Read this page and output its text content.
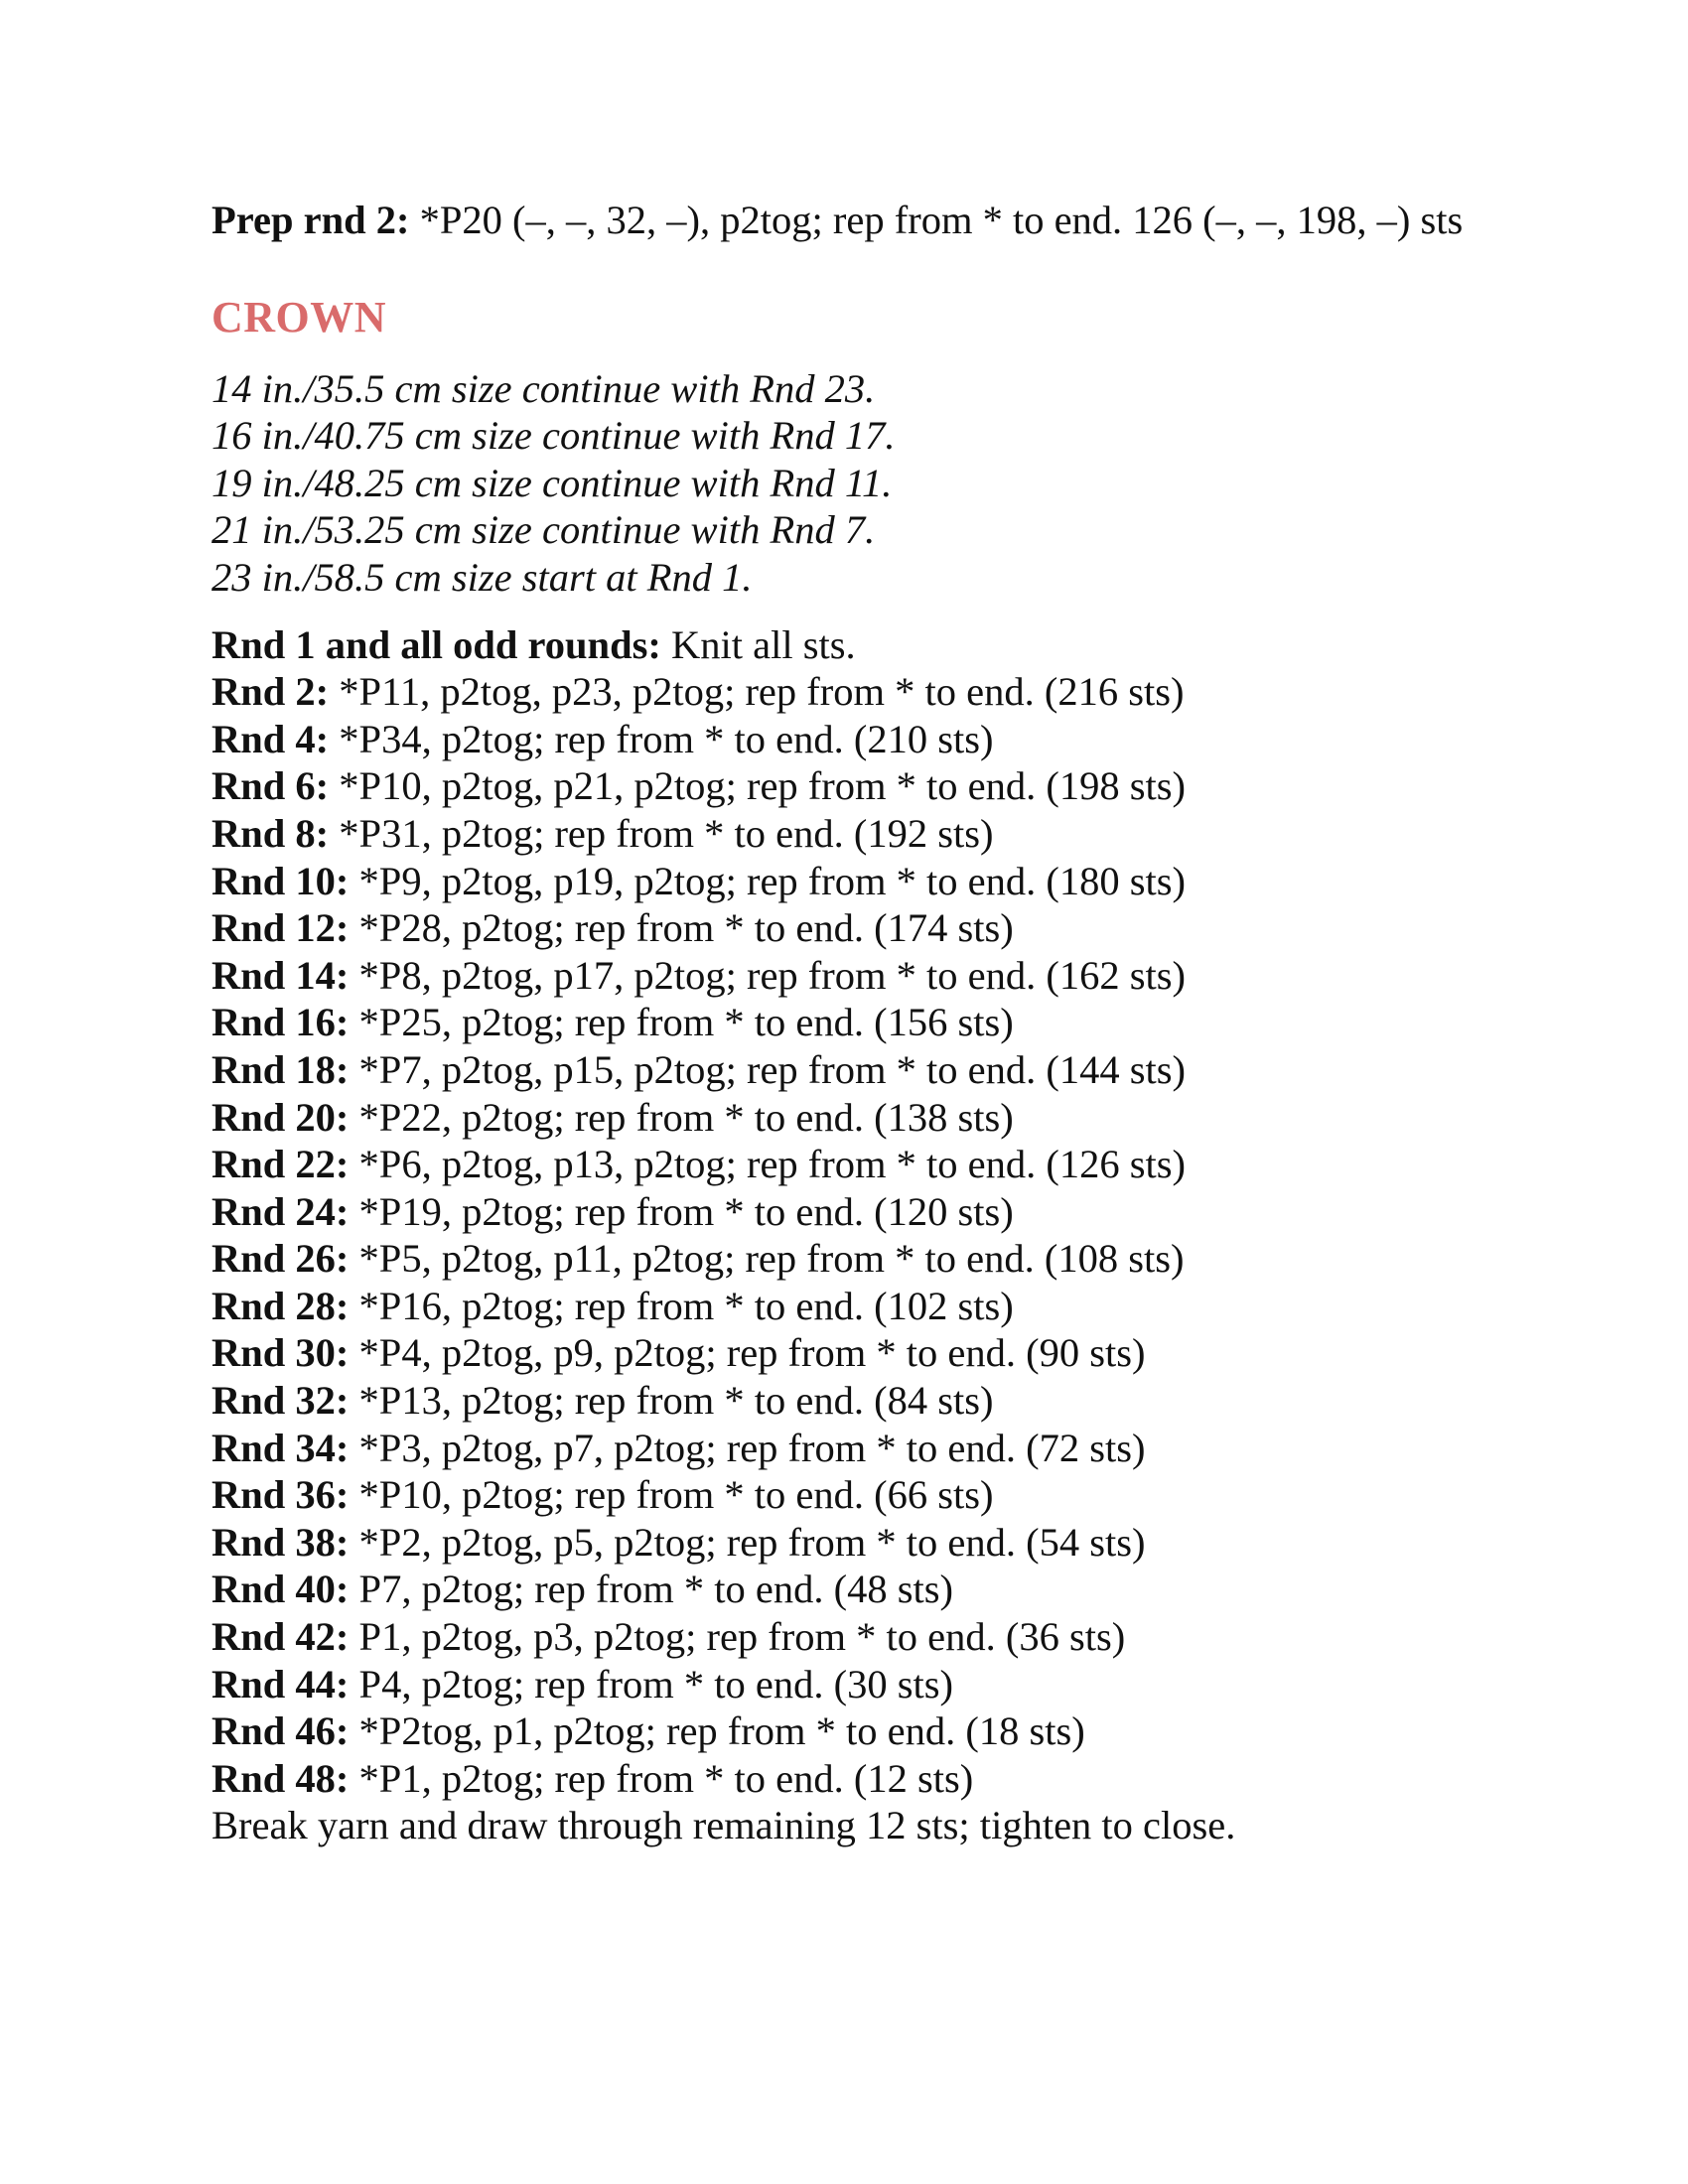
Prep rnd 2: *P20 (–, –, 32, –), p2tog; rep from * to end. 126 (–, –, 198, –) sts

CROWN
14 in./35.5 cm size continue with Rnd 23.
16 in./40.75 cm size continue with Rnd 17.
19 in./48.25 cm size continue with Rnd 11.
21 in./53.25 cm size continue with Rnd 7.
23 in./58.5 cm size start at Rnd 1.
Rnd 1 and all odd rounds: Knit all sts.
Rnd 2: *P11, p2tog, p23, p2tog; rep from * to end. (216 sts)
Rnd 4: *P34, p2tog; rep from * to end. (210 sts)
Rnd 6: *P10, p2tog, p21, p2tog; rep from * to end. (198 sts)
Rnd 8: *P31, p2tog; rep from * to end. (192 sts)
Rnd 10: *P9, p2tog, p19, p2tog; rep from * to end. (180 sts)
Rnd 12: *P28, p2tog; rep from * to end. (174 sts)
Rnd 14: *P8, p2tog, p17, p2tog; rep from * to end. (162 sts)
Rnd 16: *P25, p2tog; rep from * to end. (156 sts)
Rnd 18: *P7, p2tog, p15, p2tog; rep from * to end. (144 sts)
Rnd 20: *P22, p2tog; rep from * to end. (138 sts)
Rnd 22: *P6, p2tog, p13, p2tog; rep from * to end. (126 sts)
Rnd 24: *P19, p2tog; rep from * to end. (120 sts)
Rnd 26: *P5, p2tog, p11, p2tog; rep from * to end. (108 sts)
Rnd 28: *P16, p2tog; rep from * to end. (102 sts)
Rnd 30: *P4, p2tog, p9, p2tog; rep from * to end. (90 sts)
Rnd 32: *P13, p2tog; rep from * to end. (84 sts)
Rnd 34: *P3, p2tog, p7, p2tog; rep from * to end. (72 sts)
Rnd 36: *P10, p2tog; rep from * to end. (66 sts)
Rnd 38: *P2, p2tog, p5, p2tog; rep from * to end. (54 sts)
Rnd 40: P7, p2tog; rep from * to end. (48 sts)
Rnd 42: P1, p2tog, p3, p2tog; rep from * to end. (36 sts)
Rnd 44: P4, p2tog; rep from * to end. (30 sts)
Rnd 46: *P2tog, p1, p2tog; rep from * to end. (18 sts)
Rnd 48: *P1, p2tog; rep from * to end. (12 sts)
Break yarn and draw through remaining 12 sts; tighten to close.
